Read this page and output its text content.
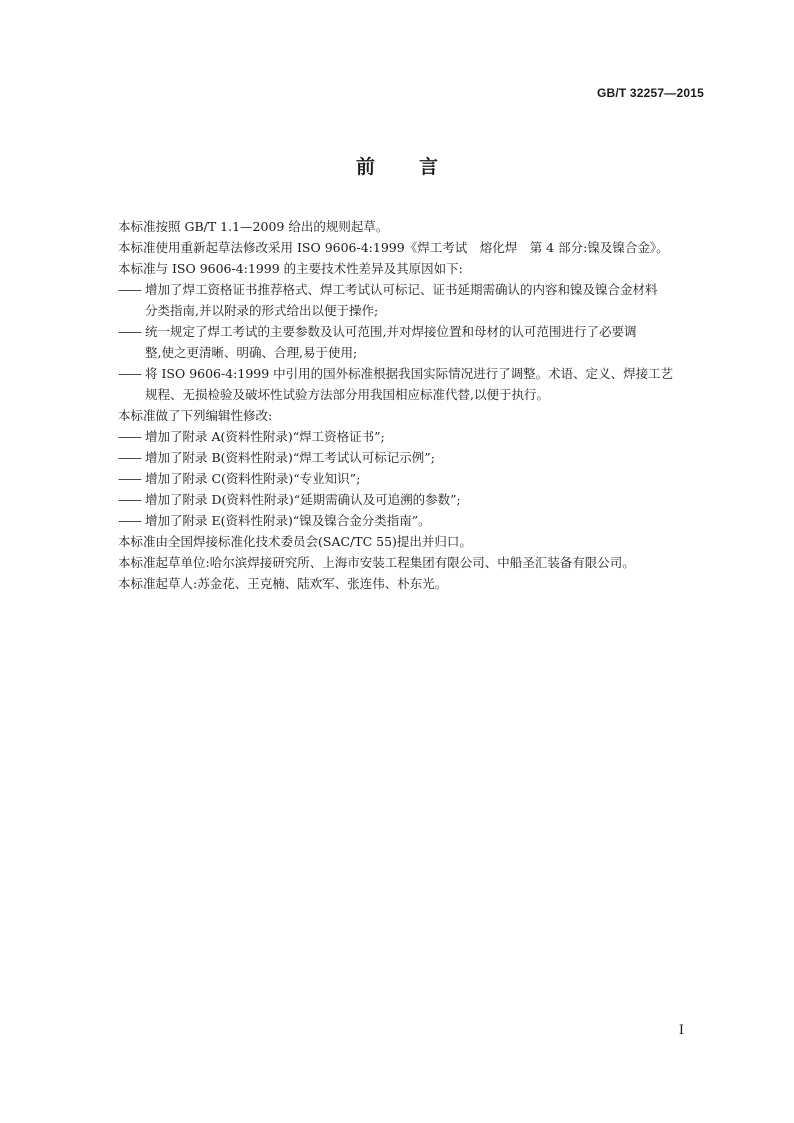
GB/T 32257—2015
前 言

本标准按照 GB/T 1.1—2009 给出的规则起草。

本标准使用重新起草法修改采用 ISO 9606-4:1999《焊工考试　熔化焊　第 4 部分:镍及镍合金》。

本标准与 ISO 9606-4:1999 的主要技术性差异及其原因如下:

—— 增加了焊工资格证书推荐格式、焊工考试认可标记、证书延期需确认的内容和镍及镍合金材料
分类指南,并以附录的形式给出以便于操作;
—— 统一规定了焊工考试的主要参数及认可范围,并对焊接位置和母材的认可范围进行了必要调
整,使之更清晰、明确、合理,易于使用;
—— 将 ISO 9606-4:1999 中引用的国外标准根据我国实际情况进行了调整。术语、定义、焊接工艺
规程、无损检验及破坏性试验方法部分用我国相应标准代替,以便于执行。

本标准做了下列编辑性修改:

—— 增加了附录 A(资料性附录)“焊工资格证书”;
—— 增加了附录 B(资料性附录)“焊工考试认可标记示例”;
—— 增加了附录 C(资料性附录)“专业知识”;
—— 增加了附录 D(资料性附录)“延期需确认及可追溯的参数”;
—— 增加了附录 E(资料性附录)“镍及镍合金分类指南”。

本标准由全国焊接标准化技术委员会(SAC/TC 55)提出并归口。

本标准起草单位:哈尔滨焊接研究所、上海市安装工程集团有限公司、中船圣汇装备有限公司。

本标准起草人:苏金花、王克楠、陆欢军、张连伟、朴东光。

I
